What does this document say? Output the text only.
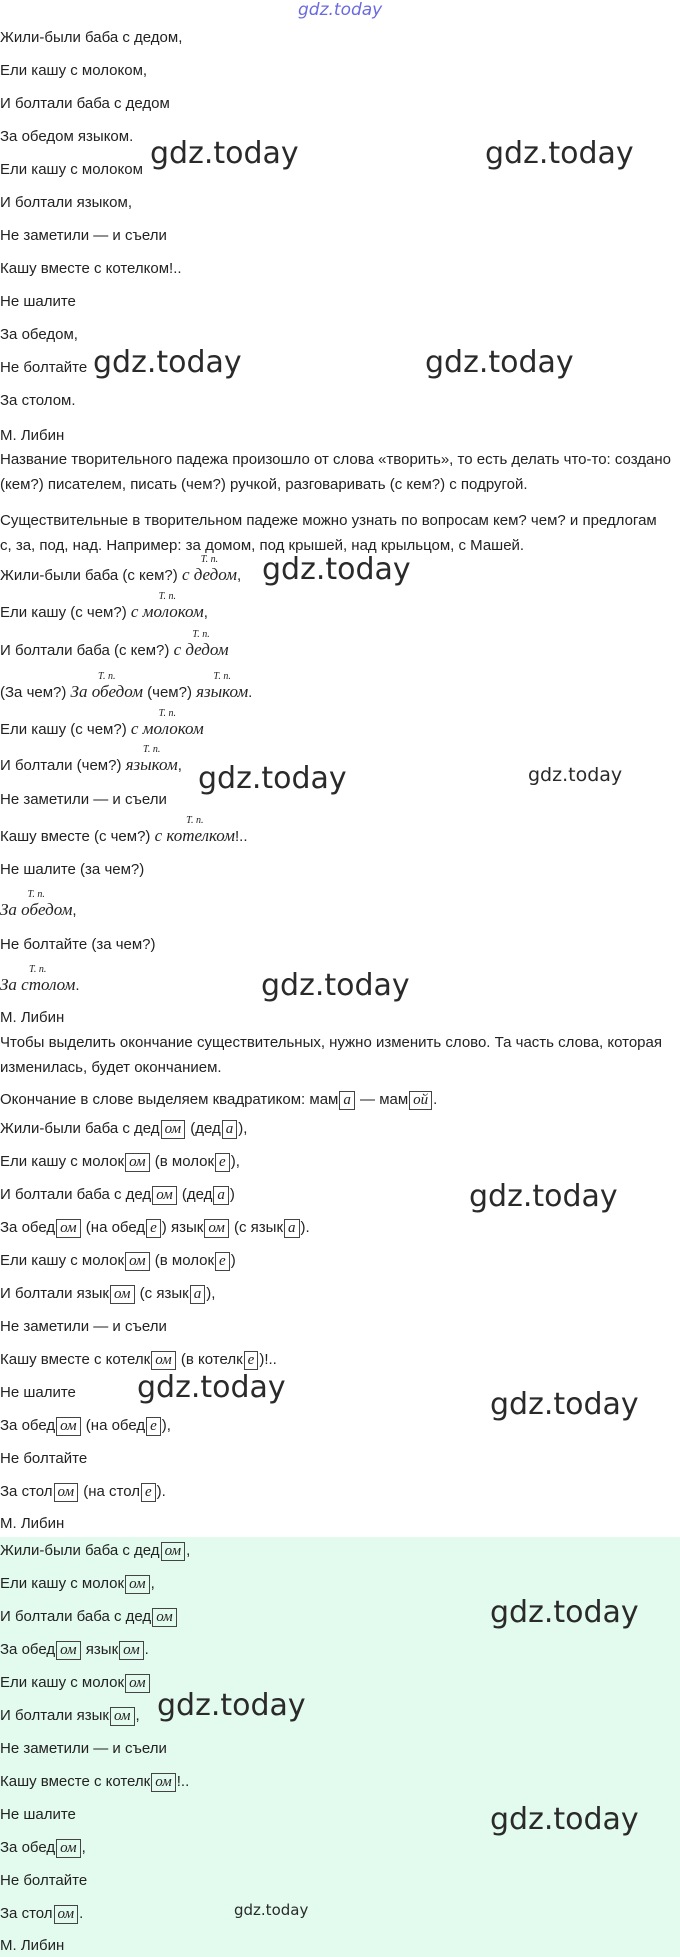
gdz.today
Жили-были баба с дедом,
Ели кашу с молоком,
И болтали баба с дедом
За обедом языком.
Ели кашу с молоком
И болтали языком,
Не заметили — и съели
Кашу вместе с котелком!..
Не шалите
За обедом,
Не болтайте
За столом.
М. Либин
Название творительного падежа произошло от слова «творить», то есть делать что-то: создано (кем?) писателем, писать (чем?) ручкой, разговаривать (с кем?) с подругой.
Существительные в творительном падеже можно узнать по вопросам кем? чем? и предлогам с, за, под, над. Например: за домом, под крышей, над крыльцом, с Машей.
Жили-были баба (с кем?)
Т. п.
с дедом,
Ели кашу (с чем?)
Т. п.
с молоком,
И болтали баба (с кем?)
Т. п.
с дедом
(За чем?)
Т. п.
За обедом (чем?)
Т. п.
языком.
Ели кашу (с чем?)
Т. п.
с молоком
И болтали (чем?)
Т. п.
языком,
Не заметили — и съели
Кашу вместе (с чем?)
Т. п.
с котелком!..
Не шалите (за чем?)
Т. п.
За обедом,
Не болтайте (за чем?)
Т. п.
За столом.
М. Либин
Чтобы выделить окончание существительных, нужно изменить слово. Та часть слова, которая изменилась, будет окончанием.
Окончание в слове выделяем квадратиком: мам а — мам ой .
Жили-были баба с дед ом (дед а ),
Ели кашу с молок ом (в молок е ),
И болтали баба с дед ом (дед а )
За обед ом (на обед е ) язык ом (с язык а ).
Ели кашу с молок ом (в молок е )
И болтали язык ом (с язык а ),
Не заметили — и съели
Кашу вместе с котелк ом (в котелк е )!..
Не шалите
За обед ом (на обед е ),
Не болтайте
За стол ом (на стол е ).
М. Либин
Жили-были баба с дед ом ,
Ели кашу с молок ом ,
И болтали баба с дед ом
За обед ом язык ом .
Ели кашу с молок ом
И болтали язык ом ,
Не заметили — и съели
Кашу вместе с котелк ом !..
Не шалите
За обед ом ,
Не болтайте
За стол ом .
М. Либин
gdz.today	gdz.today
gdz.today	gdz.today
gdz.today
gdz.today	gdz.today
gdz.today
gdz.today
gdz.today	gdz.today
gdz.today
gdz.today
gdz.today
gdz.today
